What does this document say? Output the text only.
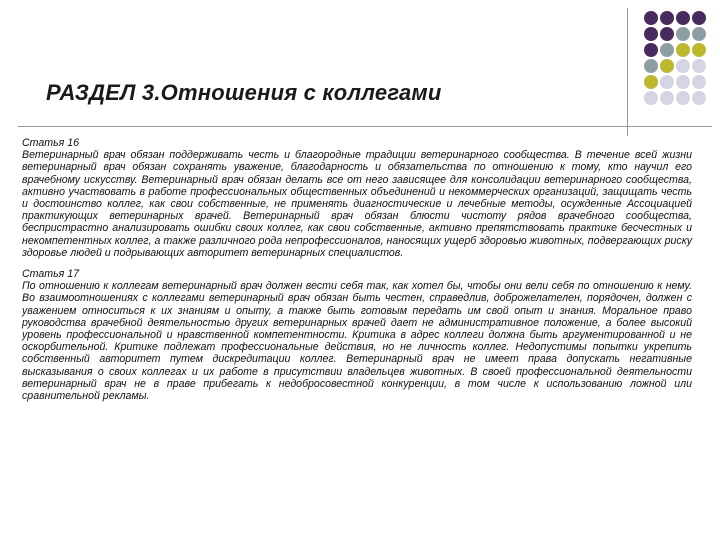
РАЗДЕЛ 3.Отношения с коллегами
Статья 16
Ветеринарный врач обязан поддерживать честь и благородные традиции ветеринарного сообщества. В течение всей жизни ветеринарный врач обязан сохранять уважение, благодарность и обязательства по отношению к тому, кто научил его врачебному искусству. Ветеринарный врач обязан делать все от него зависящее для консолидации ветеринарного сообщества, активно участвовать в работе профессиональных общественных объединений и некоммерческих организаций, защищать честь и достоинство коллег, как свои собственные, не применять диагностические и лечебные методы, осужденные Ассоциацией практикующих ветеринарных врачей. Ветеринарный врач обязан блюсти чистоту рядов врачебного сообщества, беспристрастно анализировать ошибки своих коллег, как свои собственные, активно препятствовать практике бесчестных и некомпетентных коллег, а также различного рода непрофессионалов, наносящих ущерб здоровью животных, подвергающих риску здоровье людей и подрывающих авторитет ветеринарных специалистов.
Статья 17
По отношению к коллегам ветеринарный врач должен вести себя так, как хотел бы, чтобы они вели себя по отношению к нему. Во взаимоотношениях с коллегами ветеринарный врач обязан быть честен, справедлив, доброжелателен, порядочен, должен с уважением относиться к их знаниям и опыту, а также быть готовым передать им свой опыт и знания. Моральное право руководства врачебной деятельностью других ветеринарных врачей дает не административное положение, а более высокий уровень профессиональной и нравственной компетентности. Критика в адрес коллеги должна быть аргументированной и не оскорбительной. Критике подлежат профессиональные действия, но не личность коллег. Недопустимы попытки укрепить собственный авторитет путем дискредитации коллег. Ветеринарный врач не имеет права допускать негативные высказывания о своих коллегах и их работе в присутствии владельцев животных. В своей профессиональной деятельности ветеринарный врач не в праве прибегать к недобросовестной конкуренции, в том числе к использованию ложной или сравнительной рекламы.
